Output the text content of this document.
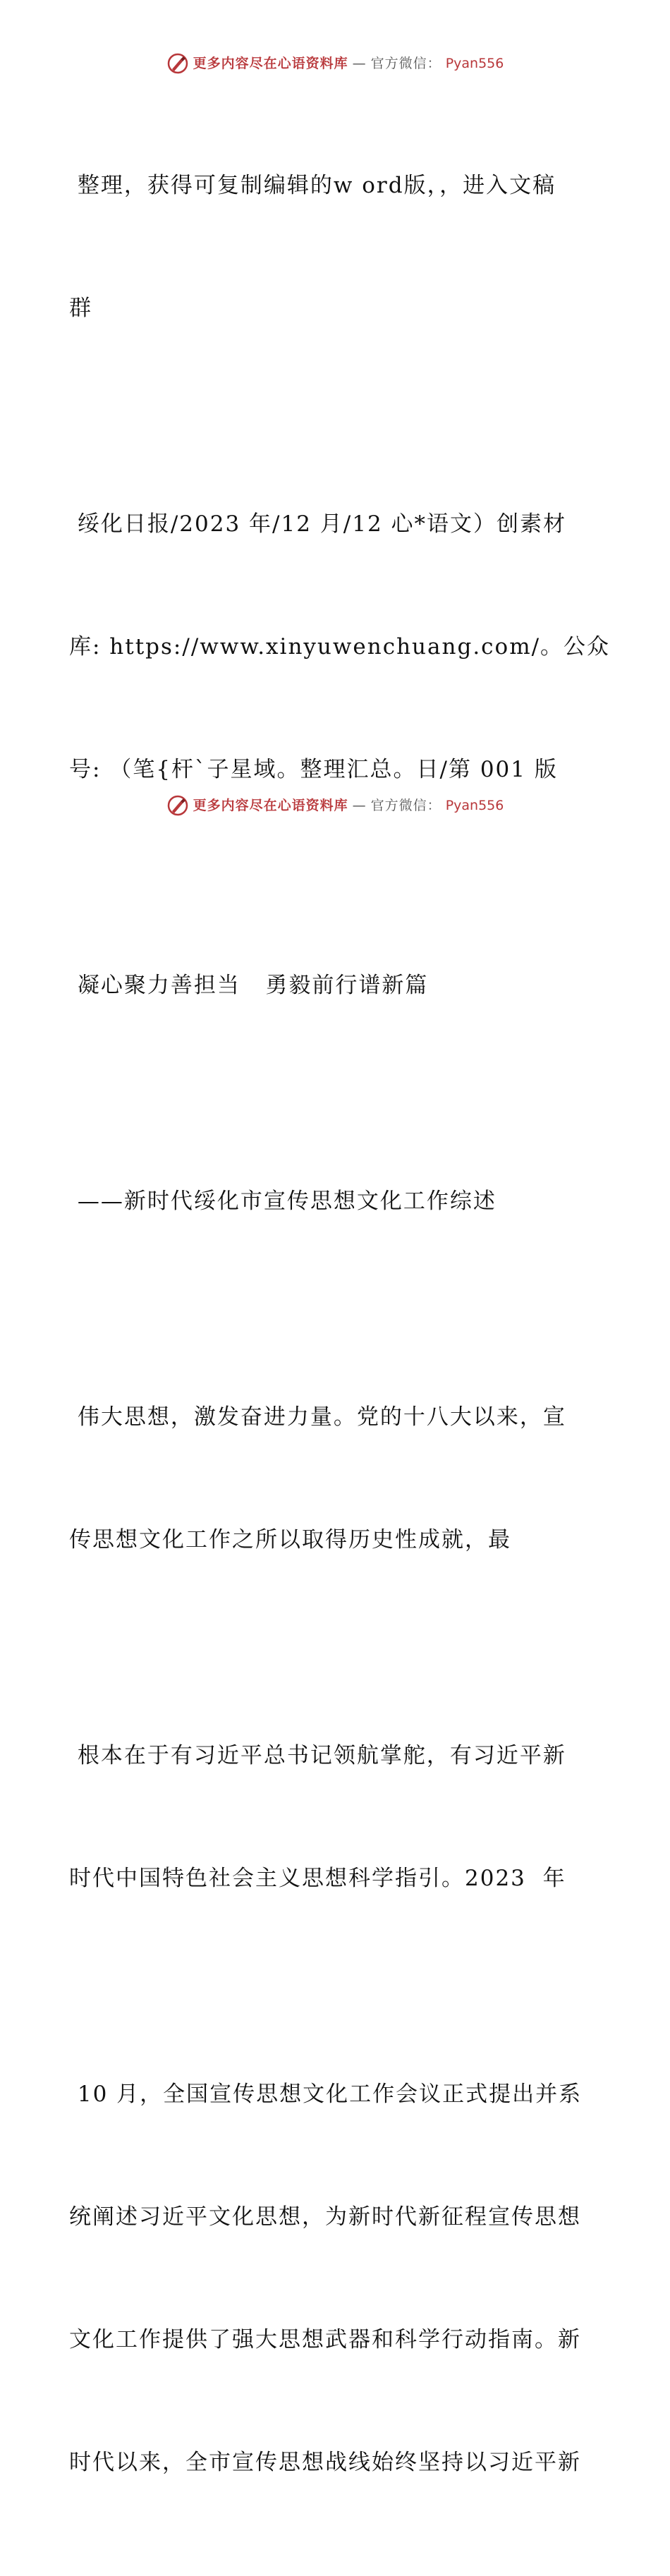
更多内容尽在心语资料库 — 官方微信： Pyan556

整理，获得可复制编辑的w ord版，，进入文稿

群

绥化日报/2023 年/12 月/12 心*语文）创素材

库: https://www.xinyuwenchuang.com/。公众

号: （笔{杆`子星域。整理汇总。日/第 001 版

凝心聚力善担当   勇毅前行谱新篇

——新时代绥化市宣传思想文化工作综述

伟大思想，激发奋进力量。党的十八大以来，宣

传思想文化工作之所以取得历史性成就，最

根本在于有习近平总书记领航掌舵，有习近平新

时代中国特色社会主义思想科学指引。2023  年

10 月，全国宣传思想文化工作会议正式提出并系

统阐述习近平文化思想，为新时代新征程宣传思想

文化工作提供了强大思想武器和科学行动指南。新

时代以来，全市宣传思想战线始终坚持以习近平新

更多内容尽在心语资料库 — 官方微信： Pyan556
